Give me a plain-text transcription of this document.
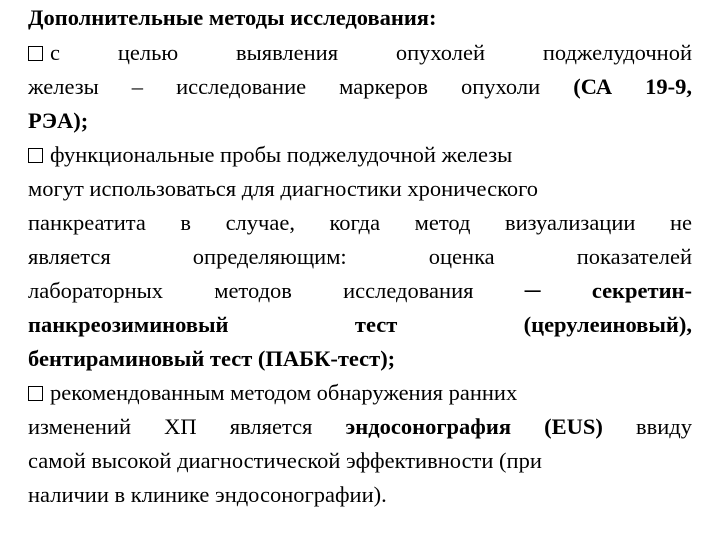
Дополнительные методы исследования:
с целью выявления опухолей поджелудочной
железы – исследование маркеров опухоли (СА 19-9,
РЭА);
функциональные пробы поджелудочной железы
могут использоваться для диагностики хронического
панкреатита в случае, когда метод визуализации не
является определяющим: оценка показателей
лабораторных методов исследования ─ секретин-
панкреозиминовый тест (церулеиновый),
бентираминовый тест (ПАБК-тест);
рекомендованным методом обнаружения ранних
изменений ХП является эндосонография (EUS) ввиду
самой высокой диагностической эффективности (при
наличии в клинике эндосонографии).
